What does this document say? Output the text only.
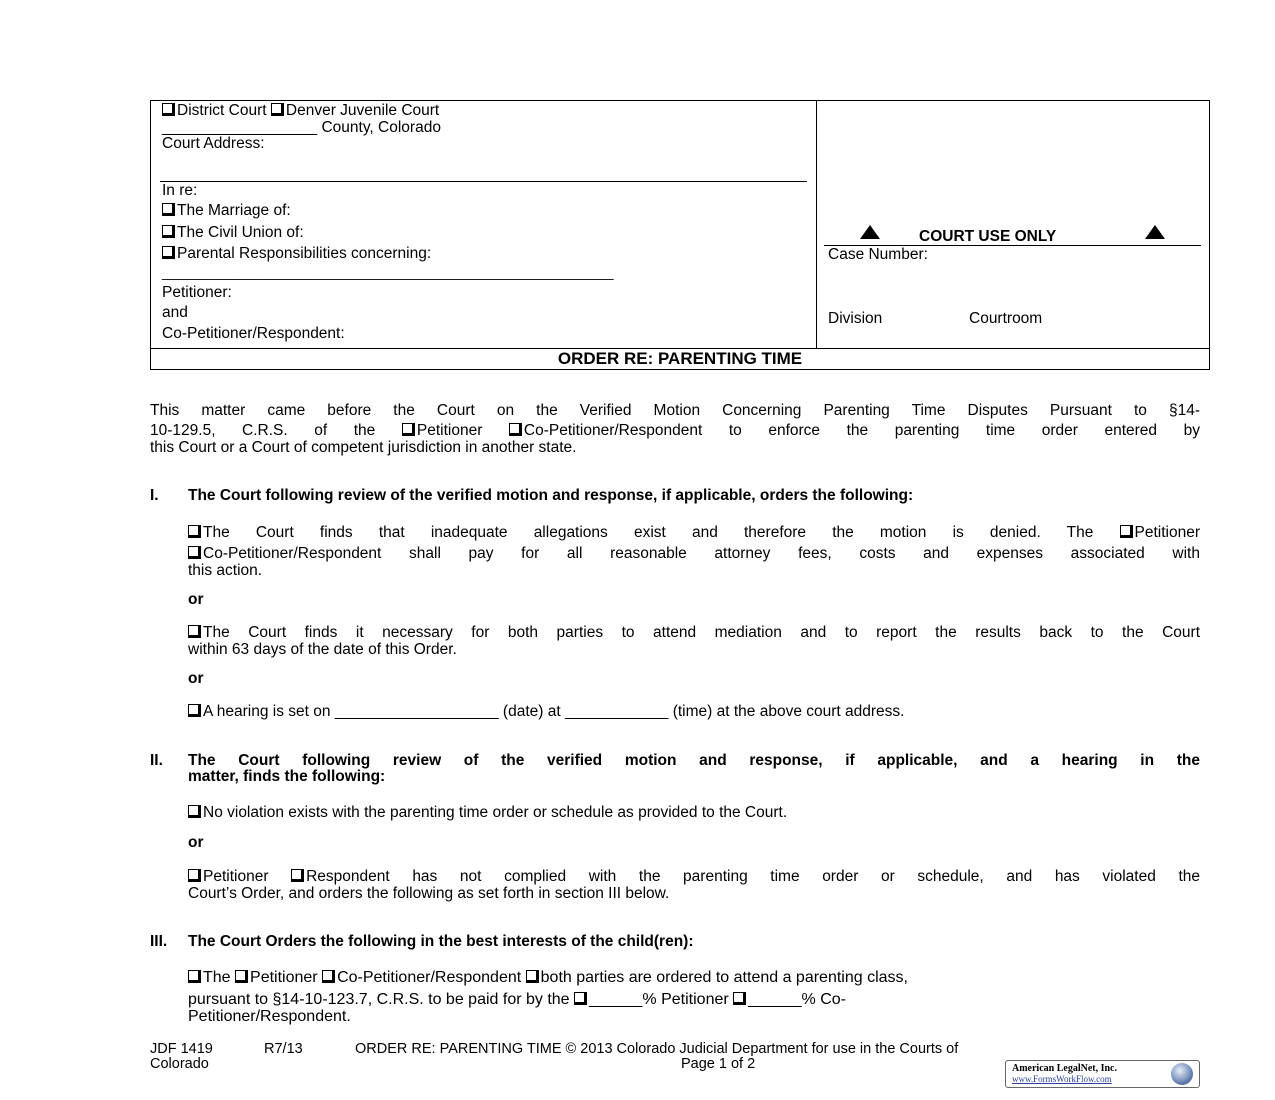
District Court Denver Juvenile Court
__________________ County, Colorado
Court Address:
In re:
The Marriage of:
The Civil Union of:
Parental Responsibilities concerning:
__________________________________________________________
Petitioner:
and
Co-Petitioner/Respondent:
COURT USE ONLY
Case Number:
Division	Courtroom
ORDER RE: PARENTING TIME
This matter came before the Court on the Verified Motion Concerning Parenting Time Disputes Pursuant to §14-
10-129.5, C.R.S. of the	Petitioner	Co-Petitioner/Respondent to enforce the parenting time order entered by
this Court or a Court of competent jurisdiction in another state.
I. The Court following review of the verified motion and response, if applicable, orders the following:
The Court finds that inadequate allegations exist and therefore the motion is denied. The	Petitioner
Co-Petitioner/Respondent shall pay for all reasonable attorney fees, costs and expenses associated with
this action.
or
The Court finds it necessary for both parties to attend mediation and to report the results back to the Court
within 63 days of the date of this Order.
or
A hearing is set on ___________________ (date) at ____________ (time) at the above court address.
II. The Court following review of the verified motion and response, if applicable, and a hearing in the
matter, finds the following:
No violation exists with the parenting time order or schedule as provided to the Court.
or
Petitioner Respondent has not complied with the parenting time order or schedule, and has violated the
Court’s Order, and orders the following as set forth in section III below.
III. The Court Orders the following in the best interests of the child(ren):
The Petitioner Co-Petitioner/Respondent both parties are ordered to attend a parenting class,
pursuant to §14-10-123.7, C.R.S. to be paid for by the ______% Petitioner ______% Co-
Petitioner/Respondent.
JDF 1419	R7/13	ORDER RE: PARENTING TIME © 2013 Colorado Judicial Department for use in the Courts of
Colorado	Page 1 of 2	American LegalNet, Inc.
www.FormsWorkFlow.com
